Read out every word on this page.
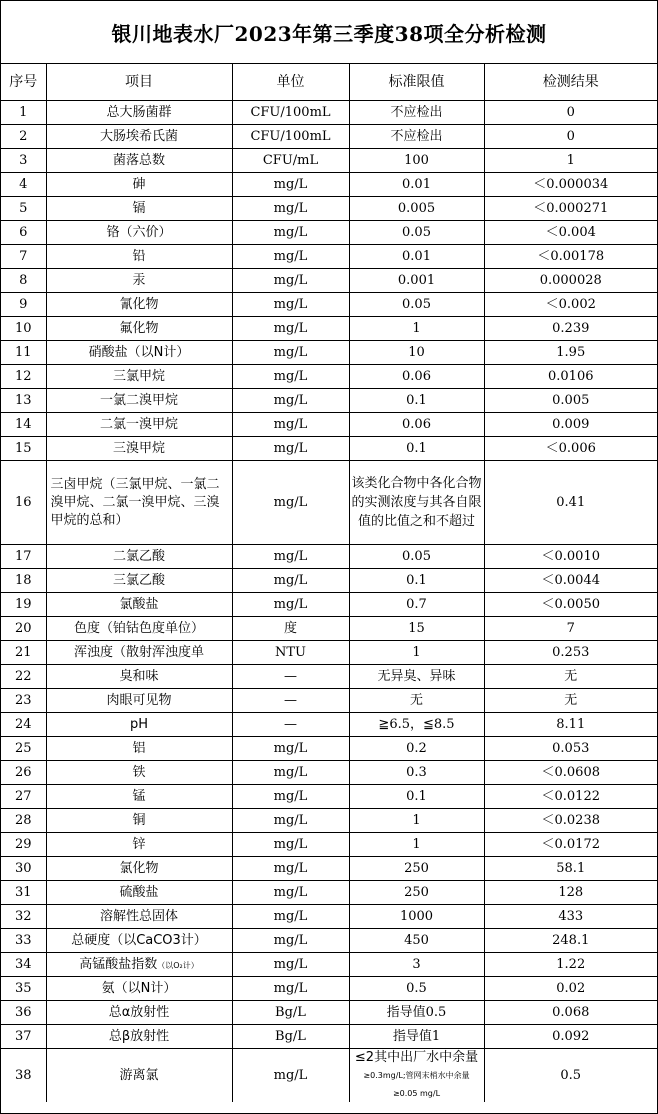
银川地表水厂2023年第三季度38项全分析检测
序号	项目	单位	标准限值	检测结果
1	总大肠菌群	CFU/100mL	不应检出	0
2	大肠埃希氏菌	CFU/100mL	不应检出	0
3	菌落总数	CFU/mL	100	1
4	砷	mg/L	0.01	＜0.000034
5	镉	mg/L	0.005	＜0.000271
6	铬（六价）	mg/L	0.05	＜0.004
7	铅	mg/L	0.01	＜0.00178
8	汞	mg/L	0.001	0.000028
9	氰化物	mg/L	0.05	＜0.002
10	氟化物	mg/L	1	0.239
11	硝酸盐（以N计）	mg/L	10	1.95
12	三氯甲烷	mg/L	0.06	0.0106
13	一氯二溴甲烷	mg/L	0.1	0.005
14	二氯一溴甲烷	mg/L	0.06	0.009
15	三溴甲烷	mg/L	0.1	＜0.006
16	三卤甲烷（三氯甲烷、一氯二溴甲烷、二氯一溴甲烷、三溴甲烷的总和）	mg/L	该类化合物中各化合物的实测浓度与其各自限值的比值之和不超过	0.41
17	二氯乙酸	mg/L	0.05	＜0.0010
18	三氯乙酸	mg/L	0.1	＜0.0044
19	氯酸盐	mg/L	0.7	＜0.0050
20	色度（铂钴色度单位）	度	15	7
21	浑浊度（散射浑浊度单	NTU	1	0.253
22	臭和味	—	无异臭、异味	无
23	肉眼可见物	—	无	无
24	pH	—	≧6.5，≦8.5	8.11
25	铝	mg/L	0.2	0.053
26	铁	mg/L	0.3	＜0.0608
27	锰	mg/L	0.1	＜0.0122
28	铜	mg/L	1	＜0.0238
29	锌	mg/L	1	＜0.0172
30	氯化物	mg/L	250	58.1
31	硫酸盐	mg/L	250	128
32	溶解性总固体	mg/L	1000	433
33	总硬度（以CaCO3计）	mg/L	450	248.1
34	高锰酸盐指数（以O₂计）	mg/L	3	1.22
35	氨（以N计）	mg/L	0.5	0.02
36	总α放射性	Bg/L	指导值0.5	0.068
37	总β放射性	Bg/L	指导值1	0.092
38	游离氯	mg/L	≤2其中出厂水中余量≥0.3mg/L;管网末梢水中余量≥0.05 mg/L	0.5
